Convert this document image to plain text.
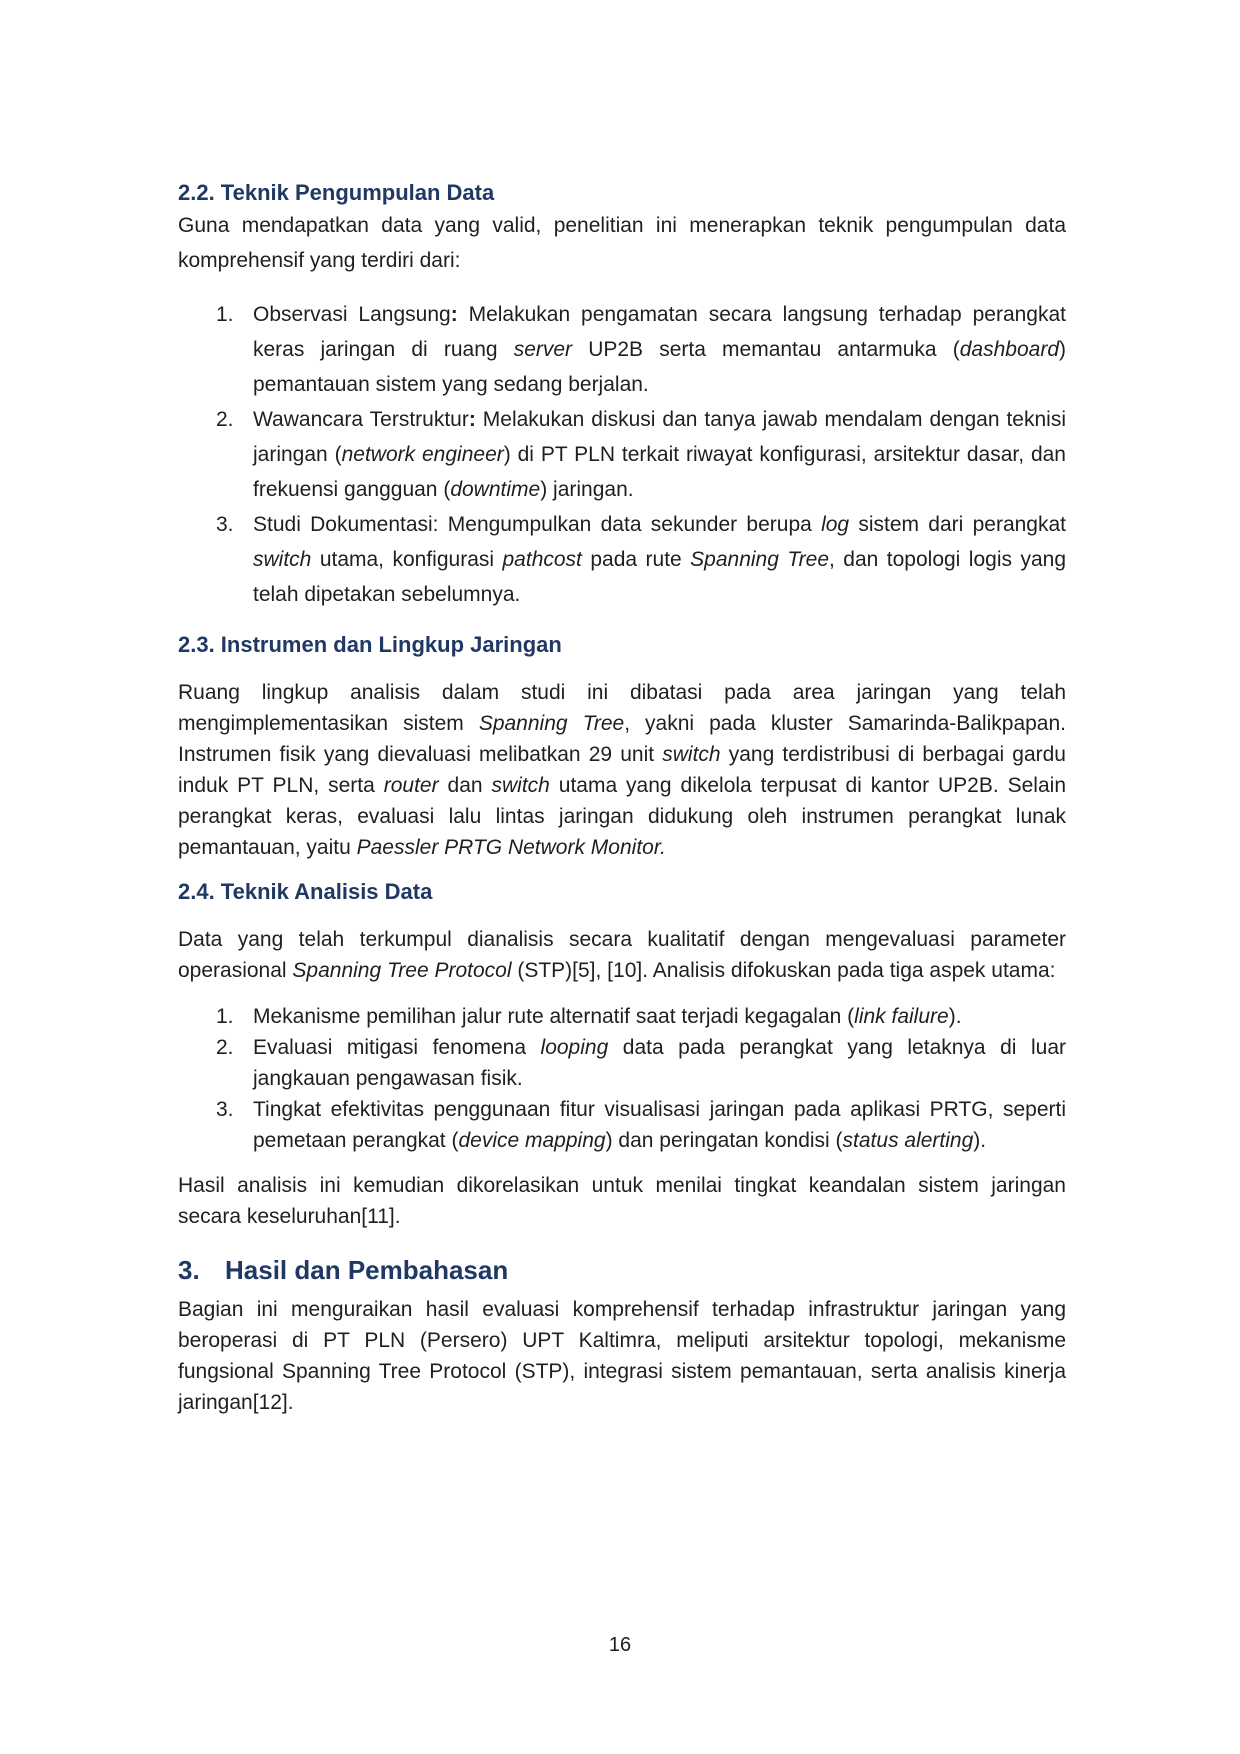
2.2. Teknik Pengumpulan Data

Guna mendapatkan data yang valid, penelitian ini menerapkan teknik pengumpulan data komprehensif yang terdiri dari:

1. Observasi Langsung: Melakukan pengamatan secara langsung terhadap perangkat keras jaringan di ruang server UP2B serta memantau antarmuka (dashboard) pemantauan sistem yang sedang berjalan.
2. Wawancara Terstruktur: Melakukan diskusi dan tanya jawab mendalam dengan teknisi jaringan (network engineer) di PT PLN terkait riwayat konfigurasi, arsitektur dasar, dan frekuensi gangguan (downtime) jaringan.
3. Studi Dokumentasi: Mengumpulkan data sekunder berupa log sistem dari perangkat switch utama, konfigurasi pathcost pada rute Spanning Tree, dan topologi logis yang telah dipetakan sebelumnya.
2.3. Instrumen dan Lingkup Jaringan

Ruang lingkup analisis dalam studi ini dibatasi pada area jaringan yang telah mengimplementasikan sistem Spanning Tree, yakni pada kluster Samarinda-Balikpapan. Instrumen fisik yang dievaluasi melibatkan 29 unit switch yang terdistribusi di berbagai gardu induk PT PLN, serta router dan switch utama yang dikelola terpusat di kantor UP2B. Selain perangkat keras, evaluasi lalu lintas jaringan didukung oleh instrumen perangkat lunak pemantauan, yaitu Paessler PRTG Network Monitor.

2.4. Teknik Analisis Data

Data yang telah terkumpul dianalisis secara kualitatif dengan mengevaluasi parameter operasional Spanning Tree Protocol (STP)[5], [10]. Analisis difokuskan pada tiga aspek utama:

1. Mekanisme pemilihan jalur rute alternatif saat terjadi kegagalan (link failure).
2. Evaluasi mitigasi fenomena looping data pada perangkat yang letaknya di luar jangkauan pengawasan fisik.
3. Tingkat efektivitas penggunaan fitur visualisasi jaringan pada aplikasi PRTG, seperti pemetaan perangkat (device mapping) dan peringatan kondisi (status alerting).

Hasil analisis ini kemudian dikorelasikan untuk menilai tingkat keandalan sistem jaringan secara keseluruhan[11].

3. Hasil dan Pembahasan

Bagian ini menguraikan hasil evaluasi komprehensif terhadap infrastruktur jaringan yang beroperasi di PT PLN (Persero) UPT Kaltimra, meliputi arsitektur topologi, mekanisme fungsional Spanning Tree Protocol (STP), integrasi sistem pemantauan, serta analisis kinerja jaringan[12].

16
